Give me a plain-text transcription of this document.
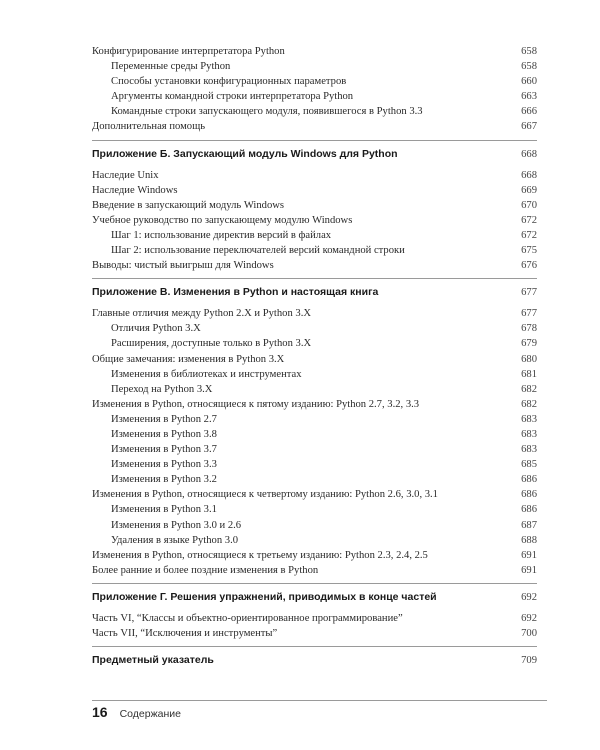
Конфигурирование интерпретатора Python	658
Переменные среды Python	658
Способы установки конфигурационных параметров	660
Аргументы командной строки интерпретатора Python	663
Командные строки запускающего модуля, появившегося в Python 3.3	666
Дополнительная помощь	667
Приложение Б. Запускающий модуль Windows для Python	668
Наследие Unix	668
Наследие Windows	669
Введение в запускающий модуль Windows	670
Учебное руководство по запускающему модулю Windows	672
Шаг 1: использование директив версий в файлах	672
Шаг 2: использование переключателей версий командной строки	675
Выводы: чистый выигрыш для Windows	676
Приложение В. Изменения в Python и настоящая книга	677
Главные отличия между Python 2.X и Python 3.X	677
Отличия Python 3.X	678
Расширения, доступные только в Python 3.X	679
Общие замечания: изменения в Python 3.X	680
Изменения в библиотеках и инструментах	681
Переход на Python 3.X	682
Изменения в Python, относящиеся к пятому изданию: Python 2.7, 3.2, 3.3	682
Изменения в Python 2.7	683
Изменения в Python 3.8	683
Изменения в Python 3.7	683
Изменения в Python 3.3	685
Изменения в Python 3.2	686
Изменения в Python, относящиеся к четвертому изданию: Python 2.6, 3.0, 3.1	686
Изменения в Python 3.1	686
Изменения в Python 3.0 и 2.6	687
Удаления в языке Python 3.0	688
Изменения в Python, относящиеся к третьему изданию: Python 2.3, 2.4, 2.5	691
Более ранние и более поздние изменения в Python	691
Приложение Г. Решения упражнений, приводимых в конце частей	692
Часть VI, “Классы и объектно-ориентированное программирование”	692
Часть VII, “Исключения и инструменты”	700
Предметный указатель	709
16 Содержание
